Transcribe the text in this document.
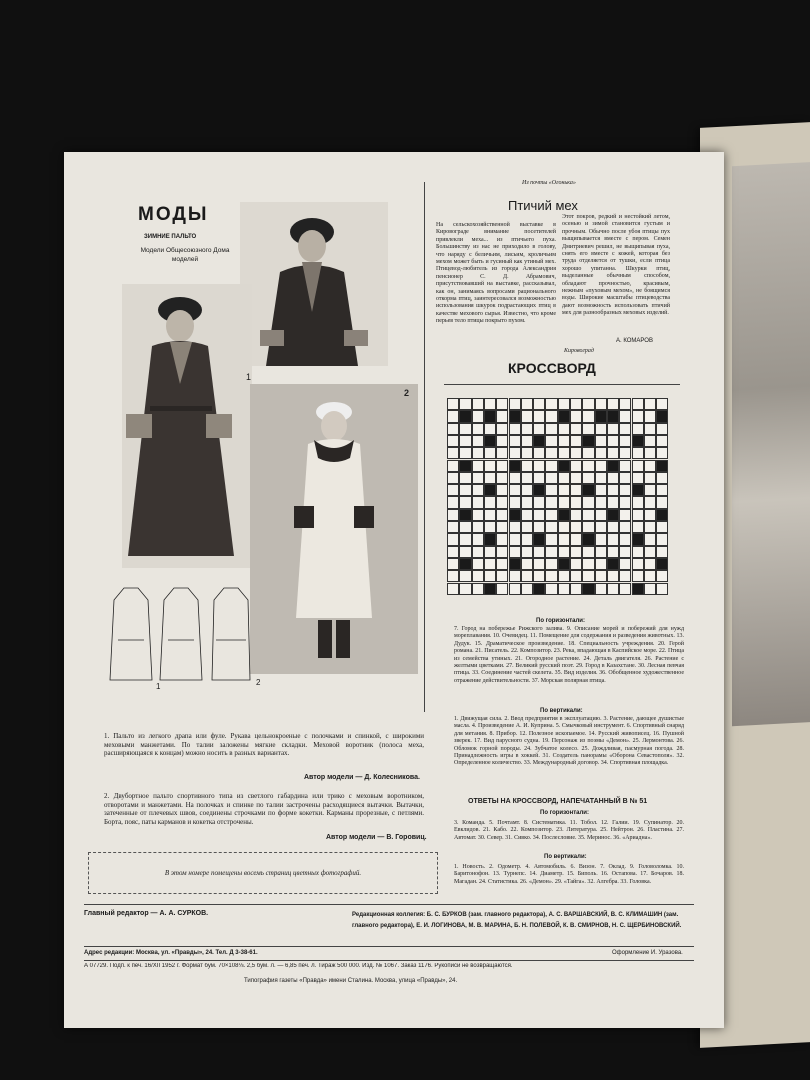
МОДЫ
ЗИМНИЕ ПАЛЬТО
Модели Общесоюзного Дома моделей
1
2
1	2
1. Пальто из легкого драпа или фуле. Рукава цельнокроеные с полочками и спинкой, с широкими меховыми манжетами. По талии заложены мягкие складки. Меховой воротник (полоса меха, расширяющаяся к концам) можно носить в разных вариантах.
Автор модели — Д. Колесникова.
2. Двубортное пальто спортивного типа из светлого габардина или трико с меховым воротником, отворотами и манжетами. На полочках и спинке по талии застрочены расходящиеся вытачки. Вытачки, затеченные от плечевых швов, соединены строчками по форме кокетки. Карманы прорезные, с петлями. Борта, пояс, паты карманов и кокетка отстрочены.
Автор модели — В. Горовиц.
В этом номере помещены восемь страниц цветных фотографий.
Из почты «Огонька»
Птичий мех
На сельскохозяйственной выставке в Кировограде внимание посетителей привлекли меха... из птичьего пуха. Большинству из нас не приходило в голову, что наряду с беличьим, лисьим, кроличьим мехом может быть и гусиный как утиный мех. Птицевод-любитель из города Александрия пенсионер С. Д. Абрамович, присутствовавший на выставке, рассказывал, как он, занимаясь вопросами рационального откорма птиц, заинтересовался возможностью использования шкурок подрастающих птиц в качестве мехового сырья. Известно, что кроме перьев тело птицы покрыто пухом.
Этот покров, редкий и нестойкий летом, осенью и зимой становится густым и прочным. Обычно после убоя птицы пух выщипывается вместе с пером. Семен Дмитриевич решил, не выщипывая пуха, снять его вместе с кожей, которая без труда отделяется от тушки, если птица хорошо упитанна. Шкурки птиц, выделанные обычным способом, обладают прочностью, красивым, нежным «пуховым мехом», не боящимся воды. Широкие масштабы птицеводства дают возможность использовать птичий мех для разнообразных меховых изделий.
А. КОМАРОВ
Кировоград
КРОССВОРД
По горизонтали:
7. Город на побережье Рижского залива. 9. Описание морей и побережий для нужд мореплавания. 10. Очевидец. 11. Помещение для содержания и разведения животных. 13. Дудук. 15. Драматическое произведение. 18. Специальность учреждения. 20. Герой романа. 21. Писатель. 22. Композитор. 23. Река, впадающая в Каспийское море. 22. Птица из семейства утиных. 21. Огородное растение. 24. Деталь двигателя. 26. Растение с желтыми цветками. 27. Великий русский поэт. 29. Город в Казахстане. 30. Лесная певчая птица. 33. Соединение частей скелета. 35. Вид изделия. 36. Обобщенное художественное отражение действительности. 37. Морская полярная птица.
По вертикали:
1. Движущая сила. 2. Ввод предприятия в эксплуатацию. 3. Растение, дающее душистые масла. 4. Произведение А. И. Куприна. 5. Смычковый инструмент. 6. Спортивный снаряд для метания. 8. Прибор. 12. Полезное ископаемое. 14. Русский живописец. 16. Пушной зверек. 17. Вид парусного судна. 19. Персонаж из поэмы «Демон». 25. Лермонтова. 26. Обломок горной породы. 24. Зубчатое колесо. 25. Дождливая, пасмурная погода. 28. Принадлежность игры в хоккей. 31. Создатель панорамы «Оборона Севастополя». 32. Определенное количество. 33. Международный договор. 34. Спортивная площадка.
ОТВЕТЫ НА КРОССВОРД, НАПЕЧАТАННЫЙ В № 51
По горизонтали:
3. Команда. 5. Почтамт. 8. Систематика. 11. Тобол. 12. Галии. 19. Супинатор. 20. Евклидов. 21. Кабо. 22. Композитор. 23. Литература. 25. Нейтрон. 26. Пластина. 27. Автомат. 30. Север. 31. Сивко. 34. Послесловие. 35. Меринос. 36. «Ариадна».
По вертикали:
1. Новость. 2. Одометр. 4. Автомобиль. 6. Визон. 7. Оклад. 9. Головоломка. 10. Баритонофон. 13. Турнепс. 14. Диаметр. 15. Биполь. 16. Остапова. 17. Бочаров. 18. Магадан. 24. Статистика. 26. «Демон». 29. «Тайга». 32. Алгебра. 33. Головка.
Главный редактор — А. А. СУРКОВ.	Редакционная коллегия: Б. С. БУРКОВ (зам. главного редактора), А. С. ВАРШАВСКИЙ, В. С. КЛИМАШИН (зам. главного редактора), Е. И. ЛОГИНОВА, М. В. МАРИНА, Б. Н. ПОЛЕВОЙ, К. В. СМИРНОВ, Н. С. ЩЕРБИНОВСКИЙ.
Адрес редакции: Москва, ул. «Правды», 24. Тел. Д 3-38-61.	Оформление И. Уразова.
А 07729. Подп. к печ. 16/XII 1952 г. Формат бум. 70×108⅛. 2,5 бум. л. — 6,85 печ. л. Тираж 500 000. Изд. № 1067. Заказ 1176. Рукописи не возвращаются.
Типография газеты «Правда» имени Сталина. Москва, улица «Правды», 24.
